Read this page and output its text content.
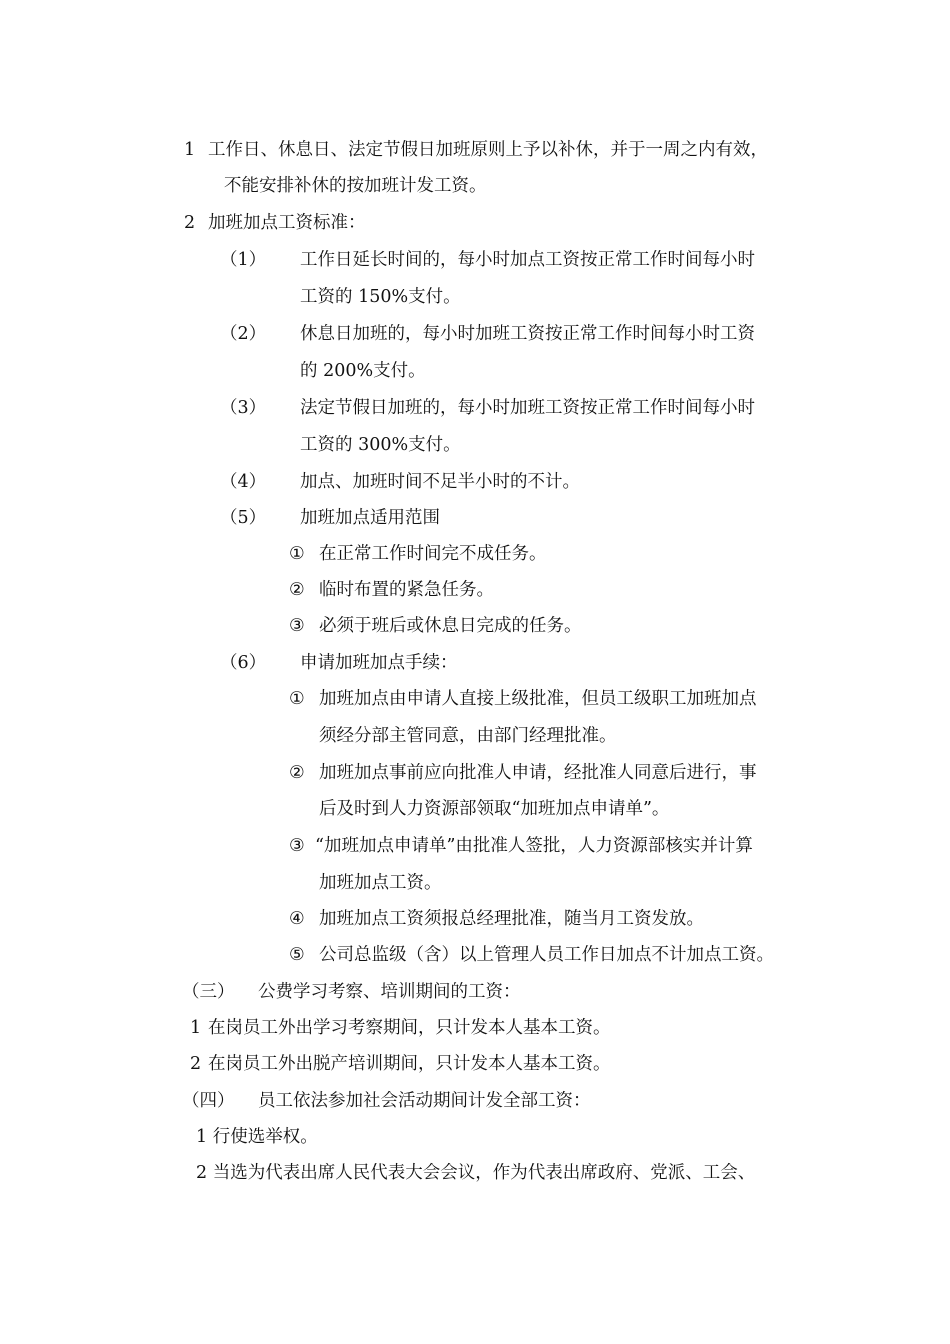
1 工作日、休息日、法定节假日加班原则上予以补休，并于一周之内有效，
不能安排补休的按加班计发工资。
2 加班加点工资标准：
（1） 工作日延长时间的，每小时加点工资按正常工作时间每小时
工资的 150%支付。
（2） 休息日加班的，每小时加班工资按正常工作时间每小时工资
的 200%支付。
（3） 法定节假日加班的，每小时加班工资按正常工作时间每小时
工资的 300%支付。
（4） 加点、加班时间不足半小时的不计。
（5） 加班加点适用范围
① 在正常工作时间完不成任务。
② 临时布置的紧急任务。
③ 必须于班后或休息日完成的任务。
（6） 申请加班加点手续：
① 加班加点由申请人直接上级批准，但员工级职工加班加点
须经分部主管同意，由部门经理批准。
② 加班加点事前应向批准人申请，经批准人同意后进行，事
后及时到人力资源部领取“加班加点申请单”。
③ “加班加点申请单”由批准人签批，人力资源部核实并计算
加班加点工资。
④ 加班加点工资须报总经理批准，随当月工资发放。
⑤ 公司总监级（含）以上管理人员工作日加点不计加点工资。
（三） 公费学习考察、培训期间的工资：
1 在岗员工外出学习考察期间，只计发本人基本工资。
2 在岗员工外出脱产培训期间，只计发本人基本工资。
（四） 员工依法参加社会活动期间计发全部工资：
1 行使选举权。
2 当选为代表出席人民代表大会会议，作为代表出席政府、党派、工会、
